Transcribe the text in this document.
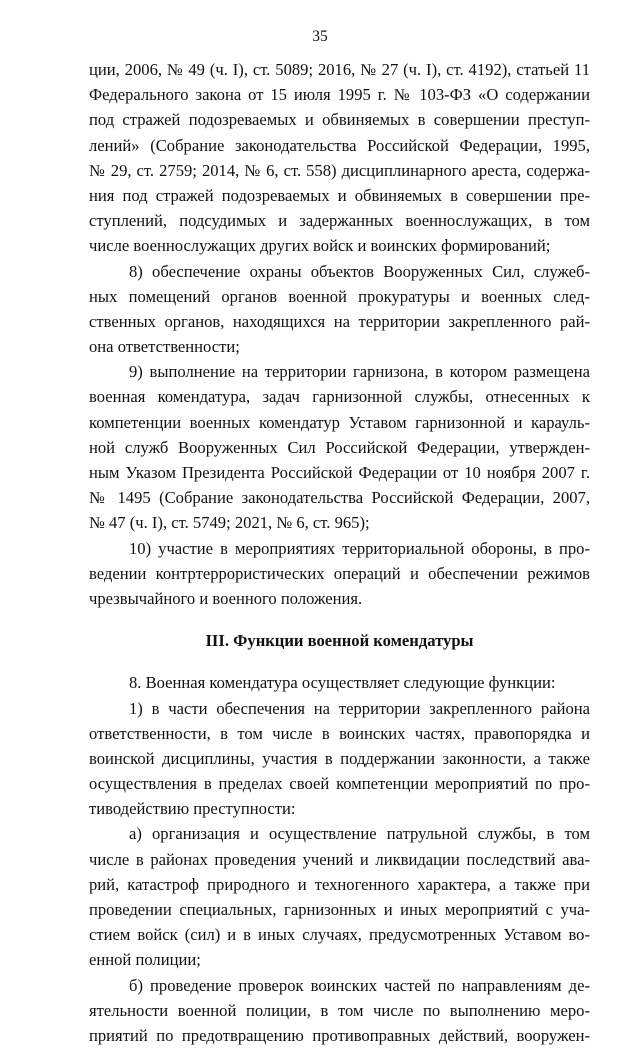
35
ции, 2006, № 49 (ч. I), ст. 5089; 2016, № 27 (ч. I), ст. 4192), статьей 11
Федерального закона от 15 июля 1995 г. № 103-ФЗ «О содержании
под стражей подозреваемых и обвиняемых в совершении преступ-
лений» (Собрание законодательства Российской Федерации, 1995,
№ 29, ст. 2759; 2014, № 6, ст. 558) дисциплинарного ареста, содержа-
ния под стражей подозреваемых и обвиняемых в совершении пре-
ступлений, подсудимых и задержанных военнослужащих, в том
числе военнослужащих других войск и воинских формирований;
8) обеспечение охраны объектов Вооруженных Сил, служеб-
ных помещений органов военной прокуратуры и военных след-
ственных органов, находящихся на территории закрепленного рай-
она ответственности;
9) выполнение на территории гарнизона, в котором размещена
военная комендатура, задач гарнизонной службы, отнесенных к
компетенции военных комендатур Уставом гарнизонной и карауль-
ной служб Вооруженных Сил Российской Федерации, утвержден-
ным Указом Президента Российской Федерации от 10 ноября 2007 г.
№ 1495 (Собрание законодательства Российской Федерации, 2007,
№ 47 (ч. I), ст. 5749; 2021, № 6, ст. 965);
10) участие в мероприятиях территориальной обороны, в про-
ведении контртеррористических операций и обеспечении режимов
чрезвычайного и военного положения.
III. Функции военной комендатуры
8. Военная комендатура осуществляет следующие функции:
1) в части обеспечения на территории закрепленного района
ответственности, в том числе в воинских частях, правопорядка и
воинской дисциплины, участия в поддержании законности, а также
осуществления в пределах своей компетенции мероприятий по про-
тиводействию преступности:
а) организация и осуществление патрульной службы, в том
числе в районах проведения учений и ликвидации последствий ава-
рий, катастроф природного и техногенного характера, а также при
проведении специальных, гарнизонных и иных мероприятий с уча-
стием войск (сил) и в иных случаях, предусмотренных Уставом во-
енной полиции;
б) проведение проверок воинских частей по направлениям де-
ятельности военной полиции, в том числе по выполнению меро-
приятий по предотвращению противоправных действий, вооружен-
